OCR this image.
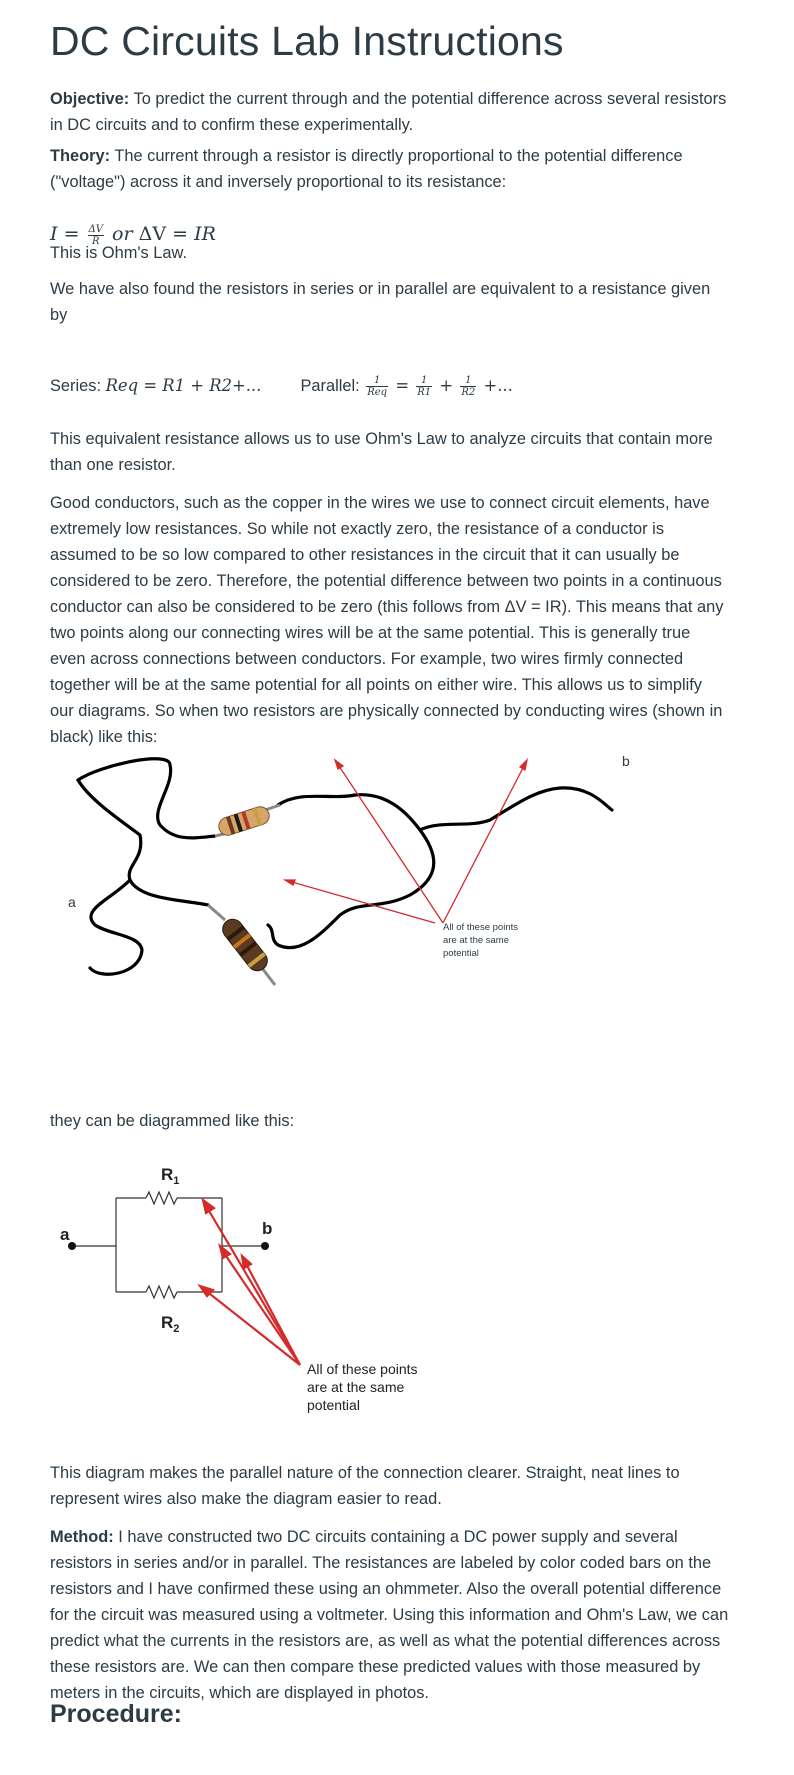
DC Circuits Lab Instructions

Objective: To predict the current through and the potential difference across several resistors in DC circuits and to confirm these experimentally.

Theory: The current through a resistor is directly proportional to the potential difference ("voltage") across it and inversely proportional to its resistance:

$I = \frac{\Delta V}{R}$ or ΔV = IR

This is Ohm's Law.

We have also found the resistors in series or in parallel are equivalent to a resistance given by

Series: Req = R1 + R2+... Parallel: $\frac{1}{\text{Req}} = \frac{1}{R1} + \frac{1}{R2}$ +...

This equivalent resistance allows us to use Ohm's Law to analyze circuits that contain more than one resistor.

Good conductors, such as the copper in the wires we use to connect circuit elements, have extremely low resistances. So while not exactly zero, the resistance of a conductor is assumed to be so low compared to other resistances in the circuit that it can usually be considered to be zero. Therefore, the potential difference between two points in a continuous conductor can also be considered to be zero (this follows from ΔV = IR). This means that any two points along our connecting wires will be at the same potential. This is generally true even across connections between conductors. For example, two wires firmly connected together will be at the same potential for all points on either wire. This allows us to simplify our diagrams. So when two resistors are physically connected by conducting wires (shown in black) like this:

a
b
All of these points
are at the same
potential

they can be diagrammed like this:

$R_1$
$R_2$
a	b
All of these points
are at the same
potential

This diagram makes the parallel nature of the connection clearer. Straight, neat lines to represent wires also make the diagram easier to read.

Method: I have constructed two DC circuits containing a DC power supply and several resistors in series and/or in parallel. The resistances are labeled by color coded bars on the resistors and I have confirmed these using an ohmmeter. Also the overall potential difference for the circuit was measured using a voltmeter. Using this information and Ohm's Law, we can predict what the currents in the resistors are, as well as what the potential differences across these resistors are. We can then compare these predicted values with those measured by meters in the circuits, which are displayed in photos.

Procedure:
